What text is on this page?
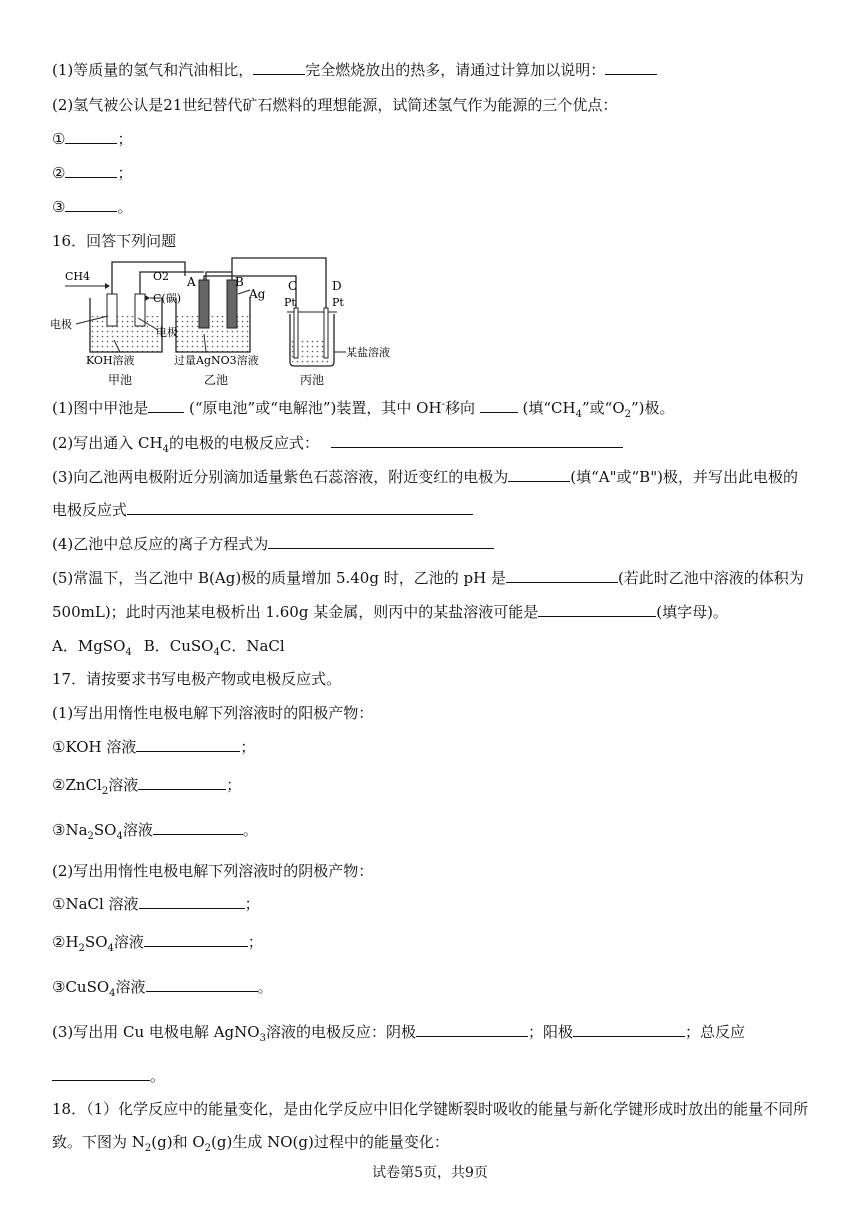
(1)等质量的氢气和汽油相比，	完全燃烧放出的热多，请通过计算加以说明：
(2)氢气被公认是21世纪替代矿石燃料的理想能源，试简述氢气作为能源的三个优点：
①	；
②	；
③	。
16．回答下列问题
CH4	O2
C(碳)
A	B
Ag
C	D
Pt	Pt
电极
电极
KOH溶液	过量AgNO3溶液
某盐溶液
甲池	乙池	丙池
(1)图中甲池是	(“原电池”或“电解池”)装置，其中 OH-移向	(填“$CH_4$”或“$O_2$”)极。
(2)写出通入 $CH_4$的电极的电极反应式：
(3)向乙池两电极附近分别滴加适量紫色石蕊溶液，附近变红的电极为	(填“A"或“B")极，并写出此电极的
电极反应式
(4)乙池中总反应的离子方程式为
(5)常温下，当乙池中 B(Ag)极的质量增加 5.40g 时，乙池的 pH 是	(若此时乙池中溶液的体积为
500mL)；此时丙池某电极析出 1.60g 某金属，则丙中的某盐溶液可能是	(填字母)。
A．MgSO$_4$ B．CuSO$_4$C．NaCl
17．请按要求书写电极产物或电极反应式。
(1)写出用惰性电极电解下列溶液时的阳极产物：
①KOH 溶液	；
②ZnCl$_2$溶液	；
$③Na_2SO_4$溶液	。
(2)写出用惰性电极电解下列溶液时的阴极产物：
①NaCl 溶液	；
$②H_2SO_4$溶液	；
③CuSO$_4$溶液	。
(3)写出用 Cu 电极电解 AgNO$_3$溶液的电极反应：阴极	；阳极	；总反应
。
18．（1）化学反应中的能量变化，是由化学反应中旧化学键断裂时吸收的能量与新化学键形成时放出的能量不同所
致。下图为 $N_2(g)$和 $O_2(g)$生成 NO(g)过程中的能量变化：
试卷第5页，共9页
